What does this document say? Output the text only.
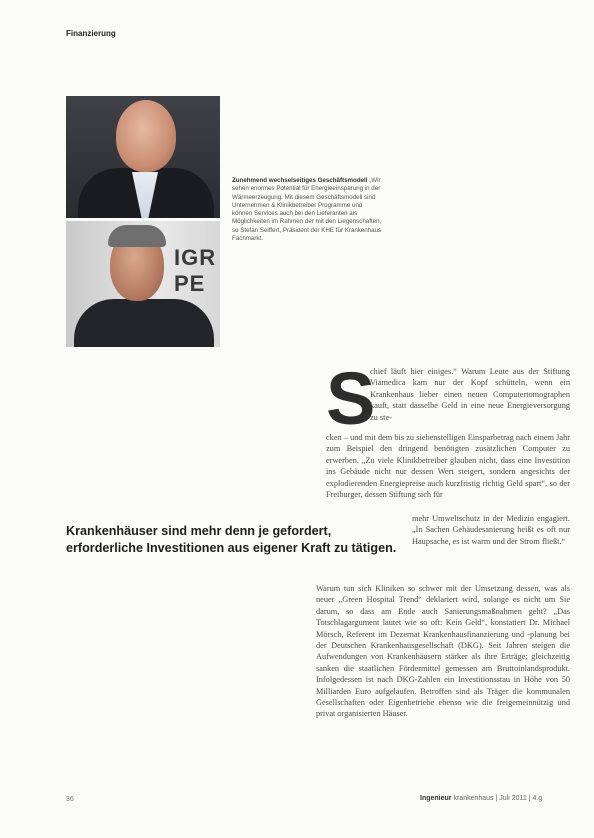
Finanzierung
IGR PE
Zunehmend wechselseitiges Geschäftsmodell „Wir sehen enormes Potential für Energieeinsparung in der Wärmeerzeugung. Mit diesem Geschäftsmodell sind Unternehmen & Klinikbetreiber Programme und können Services auch bei den Lieferanten als Möglichkeiten im Rahmen der mit den Liegenschaften, so Stefan Seiffert, Präsident der KHE für Krankenhaus Fachmarkt.
S

chief läuft hier einiges.“ Warum Leute aus der Stiftung Viamedica kam nur der Kopf schütteln, wenn ein Krankenhaus lieber einen neuen Computertomographen kauft, statt dasselbe Geld in eine neue Energieversorgung zu ste-

cken – und mit dem bis zu siebenstelligen Einsparbetrag nach einem Jahr zum Beispiel den dringend benötigten zusätzlichen Computer zu erwerben. „Zu viele Klinikbetreiber glauben nicht, dass eine Investition ins Gebäude nicht nur dessen Wert steigert, sondern angesichts der explodierenden Energiepreise auch kurzfristig richtig Geld spart“, so der Freiburger, dessen Stiftung sich für

mehr Umweltschutz in der Medizin engagiert. „In Sachen Gebäudesanierung heißt es oft nur Haupsache, es ist warm und der Strom fließt.“

Warum tun sich Kliniken so schwer mit der Umsetzung dessen, was als neuer „Green Hospital Trend“ deklariert wird, solange es nicht um Sie darum, so dass am Ende auch Sanierungsmaßnahmen geht? „Das Totschlagargument lautet wie so oft: Kein Geld“, konstatiert Dr. Michael Mörsch, Referent im Dezernat Krankenhausfinanzierung und -planung bei der Deutschen Krankenhausgesellschaft (DKG). Seit Jahren steigen die Aufwendungen von Krankenhäusern stärker als ihre Erträge; gleichzeitig sanken die staatlichen Fördermittel gemessen am Bruttoinlandsprodukt. Infolgedessen ist nach DKG-Zahlen ein Investitionsstau in Höhe von 50 Milliarden Euro aufgelaufen. Betroffen sind als Träger die kommunalen Gesellschaften oder Eigenbetriebe ebenso wie die freigemeinnützig und privat organisierten Häuser.

Krankenhäuser sind mehr denn je gefordert, erforderliche Investitionen aus eigener Kraft zu tätigen.
36	Ingenieur krankenhaus | Juli 2011 | 4.g
